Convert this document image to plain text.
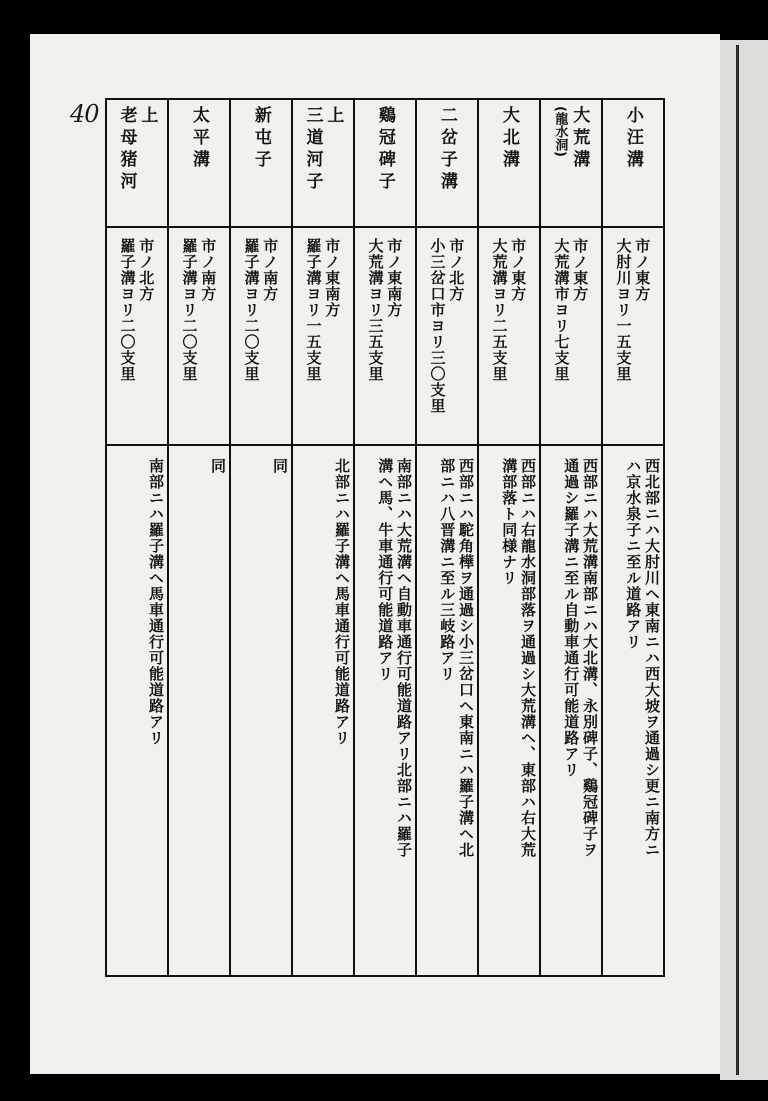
40	小汪溝
市ノ東方
大肘川ヨリ一五支里
西北部ニハ大肘川ヘ東南ニハ西大坡ヲ通過シ更ニ南方ニ
ハ京水泉子ニ至ル道路アリ
大荒溝
(龍水洞)
市ノ東方
大荒溝市ヨリ七支里
西部ニハ大荒溝南部ニハ大北溝、永別碑子、鷄冠碑子ヲ
通過シ羅子溝ニ至ル自動車通行可能道路アリ
大北溝
市ノ東方
大荒溝ヨリ二五支里
西部ニハ右龍水洞部落ヲ通過シ大荒溝ヘ、東部ハ右大荒
溝部落ト同様ナリ
二岔子溝
市ノ北方
小三岔口市ヨリ三〇支里
西部ニハ駝角樺ヲ通過シ小三岔口ヘ東南ニハ羅子溝ヘ北
部ニハ八晋溝ニ至ル三岐路アリ
鷄冠碑子
市ノ東南方
大荒溝ヨリ三五支里
南部ニハ大荒溝ヘ自動車通行可能道路アリ北部ニハ羅子
溝ヘ馬、牛車通行可能道路アリ
上
三道河子
市ノ東南方
羅子溝ヨリ一五支里
北部ニハ羅子溝ヘ馬車通行可能道路アリ
新屯子
市ノ南方
羅子溝ヨリ二〇支里
同
太平溝
市ノ南方
羅子溝ヨリ二〇支里
同
上
老母猪河
市ノ北方
羅子溝ヨリ二〇支里
南部ニハ羅子溝ヘ馬車通行可能道路アリ
